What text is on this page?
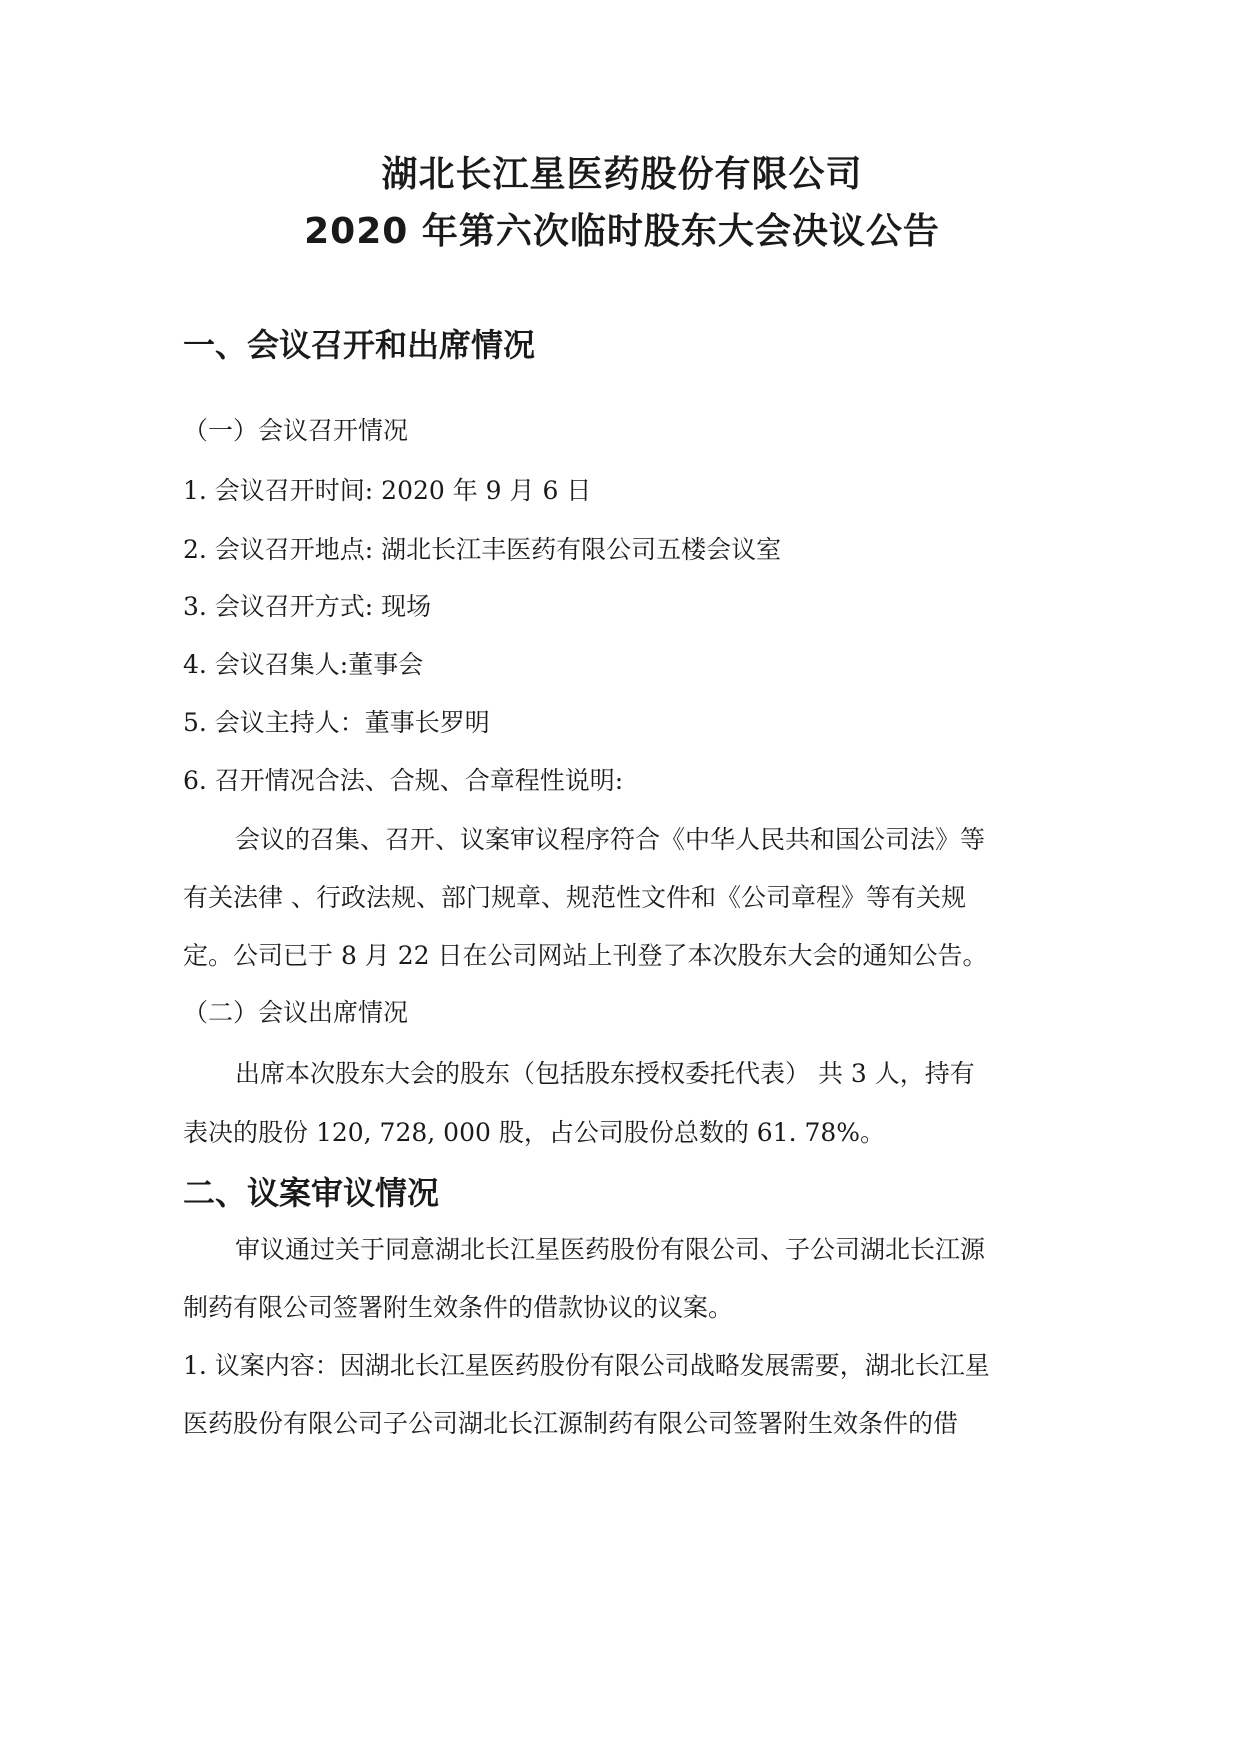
湖北长江星医药股份有限公司
2020 年第六次临时股东大会决议公告
一、会议召开和出席情况
（一）会议召开情况
1. 会议召开时间: 2020 年 9 月 6 日
2. 会议召开地点: 湖北长江丰医药有限公司五楼会议室
3. 会议召开方式: 现场
4. 会议召集人:董事会
5. 会议主持人：董事长罗明
6. 召开情况合法、合规、合章程性说明:
会议的召集、召开、议案审议程序符合《中华人民共和国公司法》等
有关法律 、行政法规、部门规章、规范性文件和《公司章程》等有关规
定。公司已于 8 月 22 日在公司网站上刊登了本次股东大会的通知公告。
（二）会议出席情况
出席本次股东大会的股东（包括股东授权委托代表） 共 3 人，持有
表决的股份 120, 728, 000 股，占公司股份总数的 61. 78%。
二、议案审议情况
审议通过关于同意湖北长江星医药股份有限公司、子公司湖北长江源
制药有限公司签署附生效条件的借款协议的议案。
1. 议案内容：因湖北长江星医药股份有限公司战略发展需要，湖北长江星
医药股份有限公司子公司湖北长江源制药有限公司签署附生效条件的借
